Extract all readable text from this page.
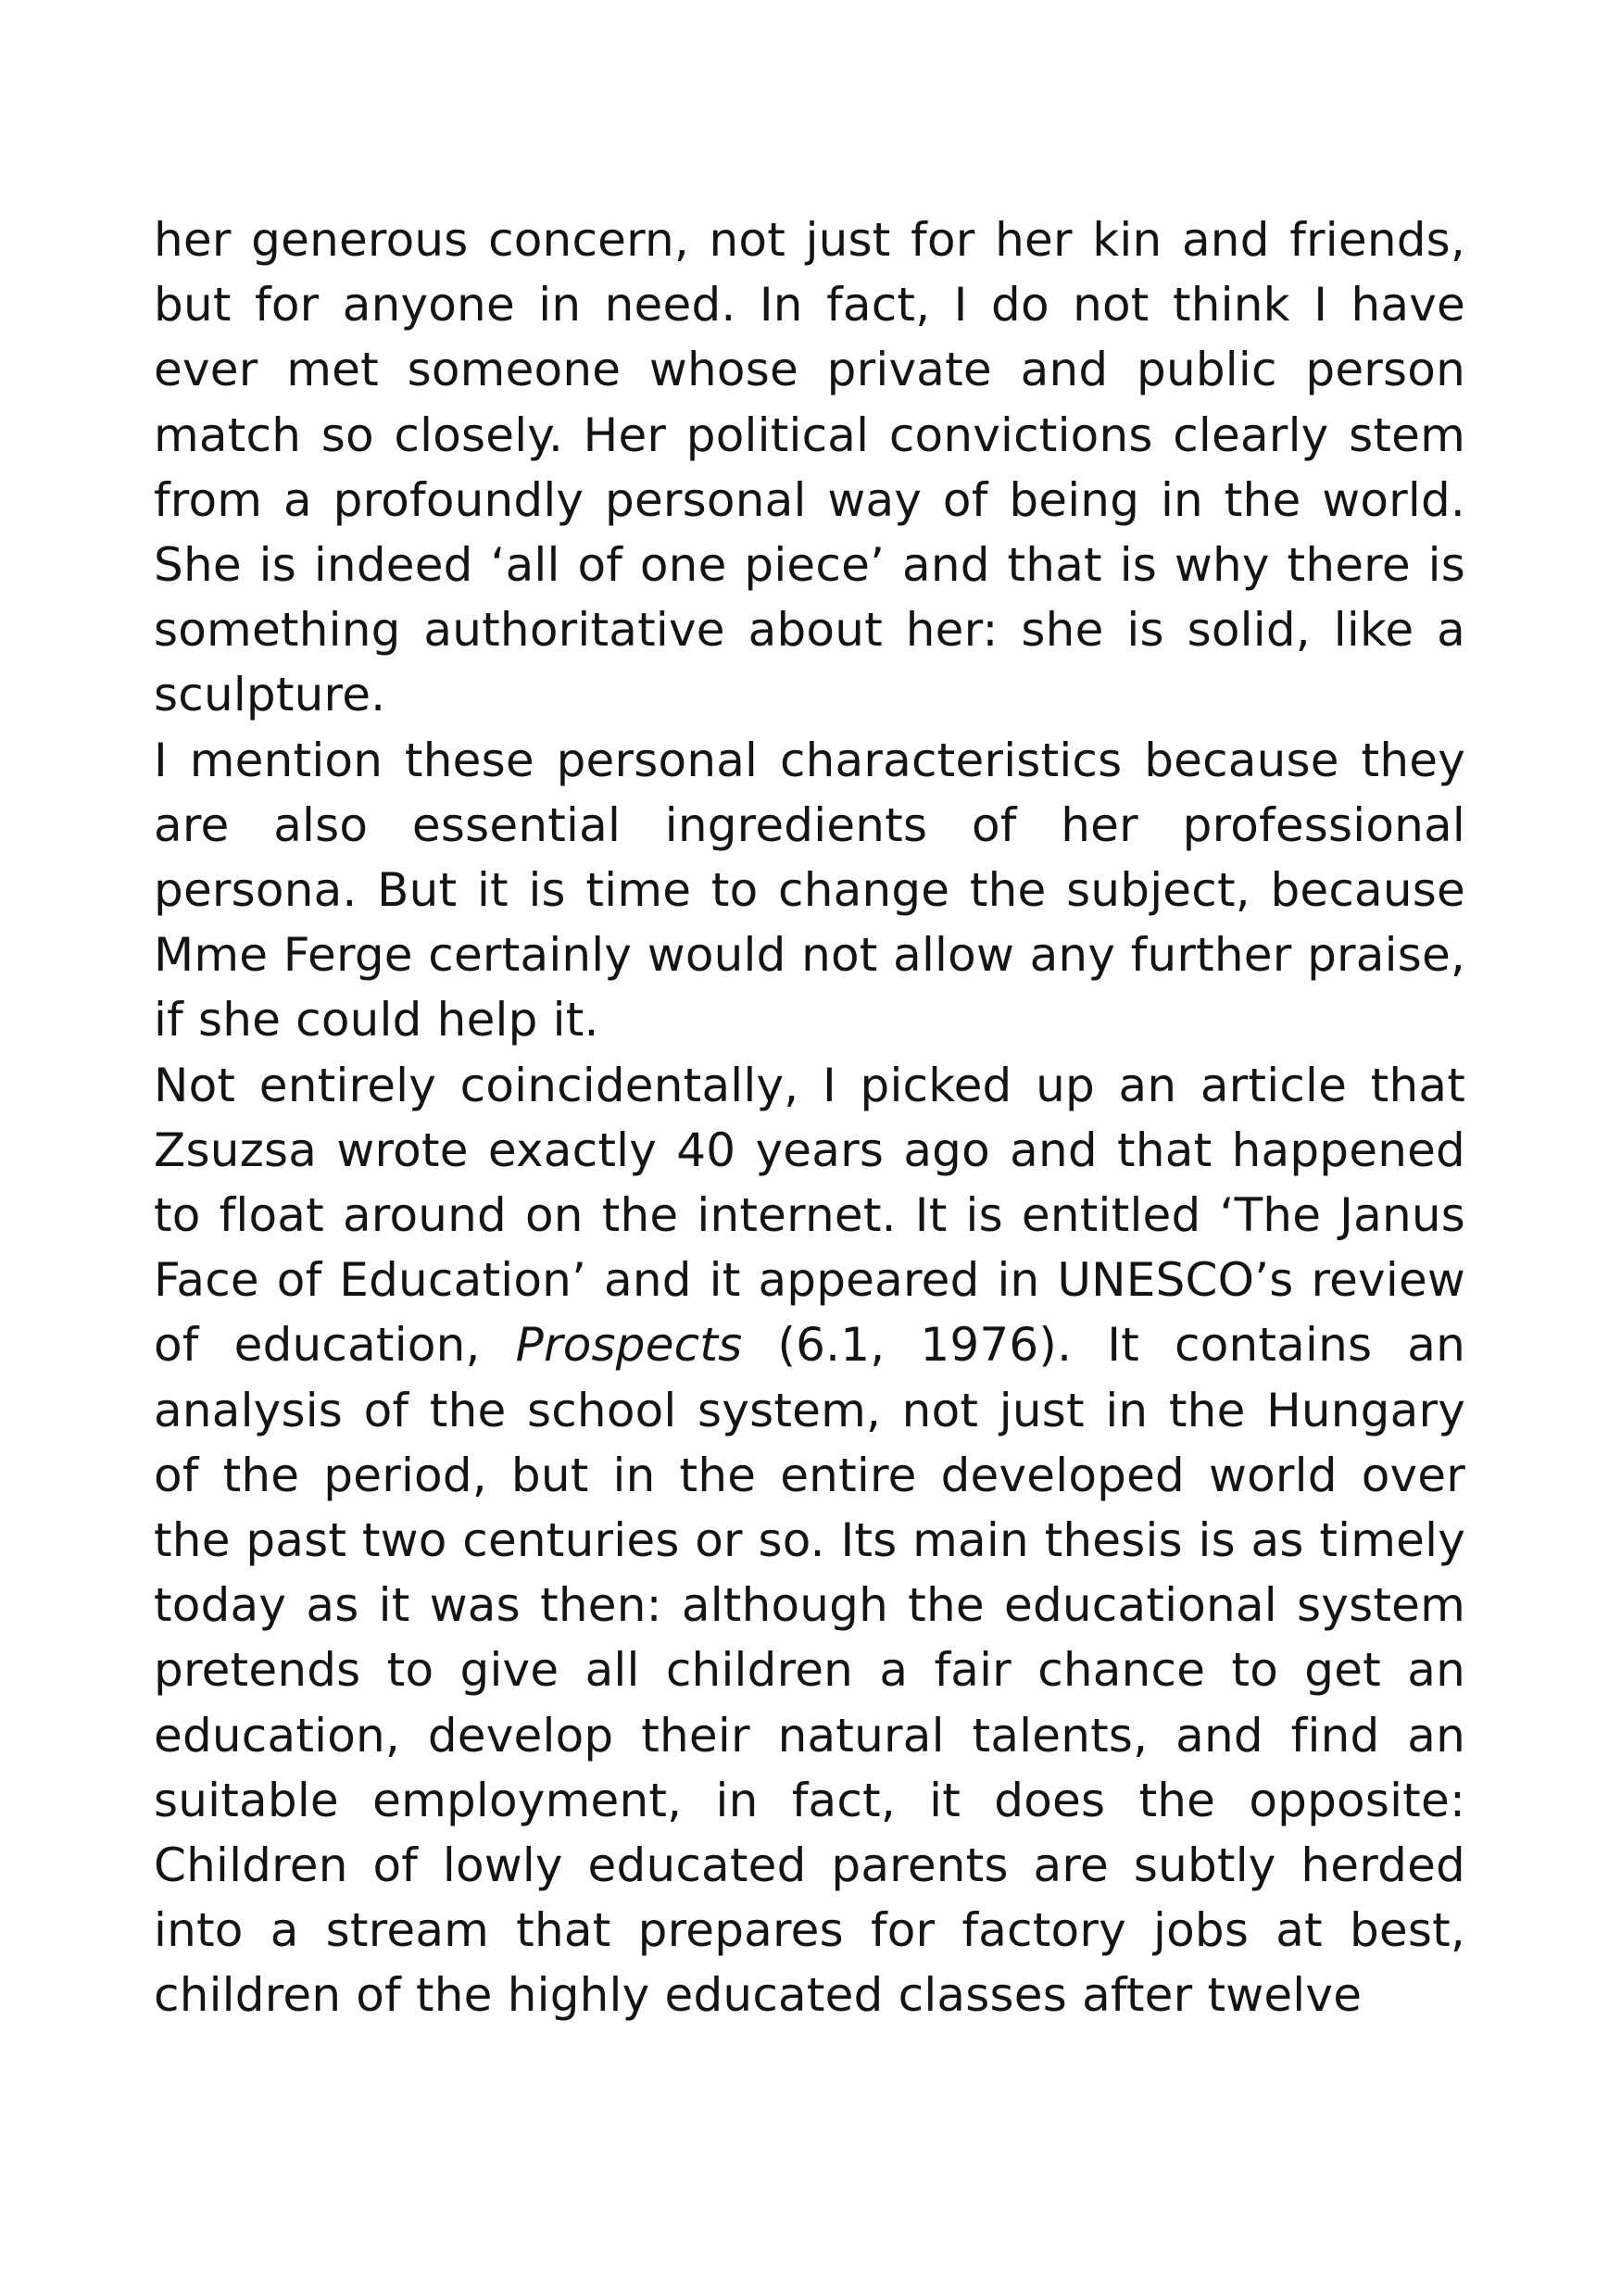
her generous concern, not just for her kin and friends, but for anyone in need. In fact, I do not think I have ever met someone whose private and public person match so closely. Her political convictions clearly stem from a profoundly personal way of being in the world. She is indeed ‘all of one piece’ and that is why there is something authoritative about her: she is solid, like a sculpture.

I mention these personal characteristics because they are also essential ingredients of her professional persona. But it is time to change the subject, because Mme Ferge certainly would not allow any further praise, if she could help it.

Not entirely coincidentally, I picked up an article that Zsuzsa wrote exactly 40 years ago and that happened to float around on the internet. It is entitled ‘The Janus Face of Education’ and it appeared in UNESCO’s review of education, Prospects (6.1, 1976). It contains an analysis of the school system, not just in the Hungary of the period, but in the entire developed world over the past two centuries or so. Its main thesis is as timely today as it was then: although the educational system pretends to give all children a fair chance to get an education, develop their natural talents, and find an suitable employment, in fact, it does the opposite: Children of lowly educated parents are subtly herded into a stream that prepares for factory jobs at best, children of the highly educated classes after twelve
